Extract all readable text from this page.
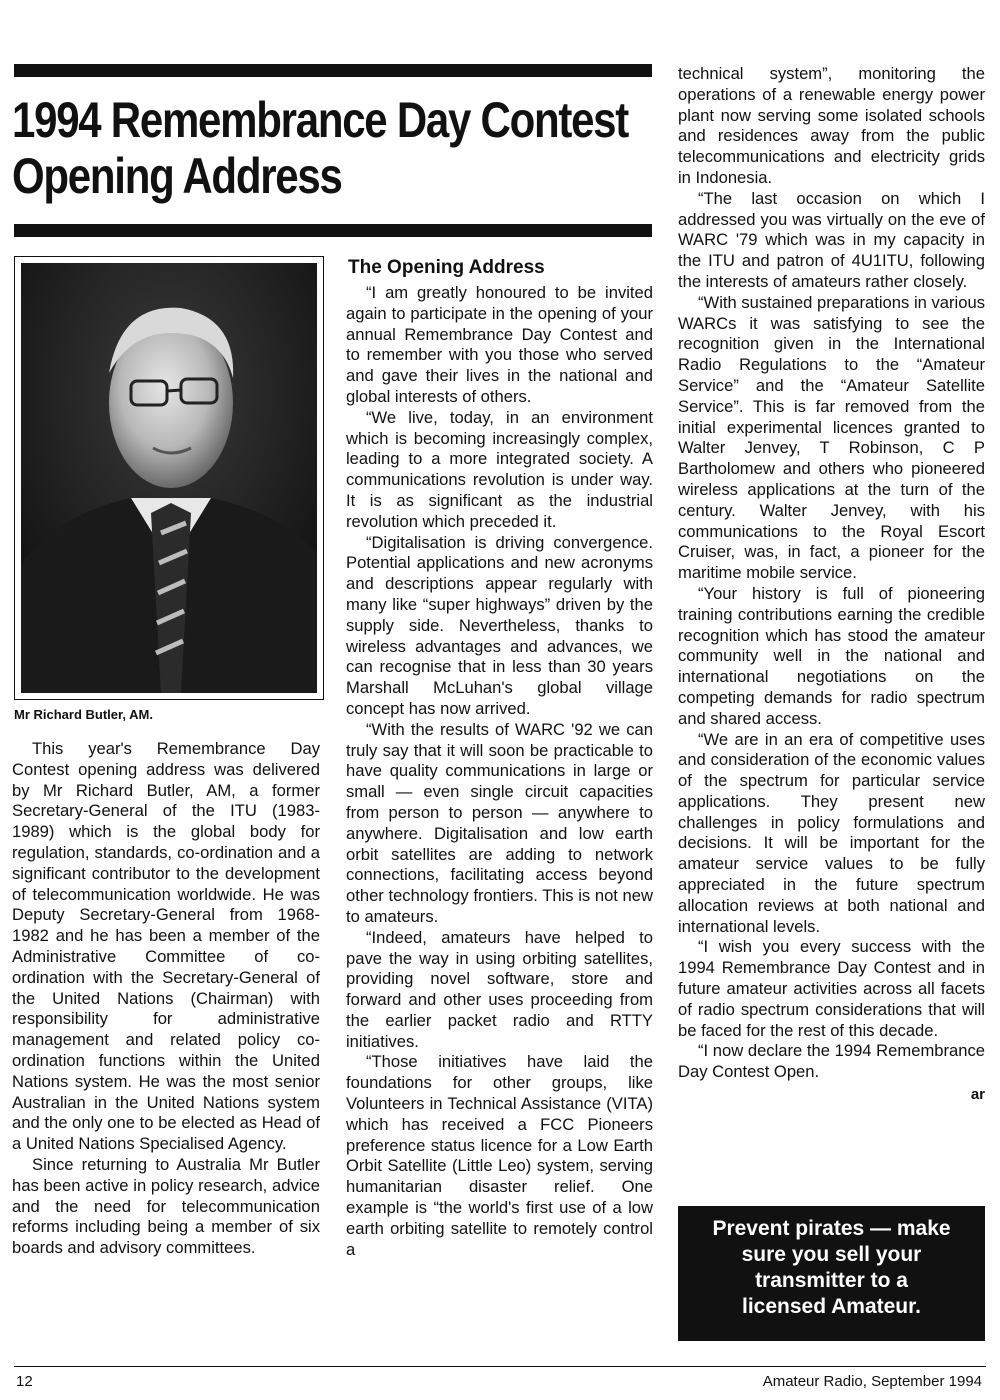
1994 Remembrance Day Contest
Opening Address

Mr Richard Butler, AM.

This year's Remembrance Day Contest opening address was delivered by Mr Richard Butler, AM, a former Secretary-General of the ITU (1983-1989) which is the global body for regulation, standards, co-ordination and a significant contributor to the development of telecommunication worldwide. He was Deputy Secretary-General from 1968-1982 and he has been a member of the Administrative Committee of co-ordination with the Secretary-General of the United Nations (Chairman) with responsibility for administrative management and related policy co-ordination functions within the United Nations system. He was the most senior Australian in the United Nations system and the only one to be elected as Head of a United Nations Specialised Agency.

Since returning to Australia Mr Butler has been active in policy research, advice and the need for telecommunication reforms including being a member of six boards and advisory committees.

The Opening Address

“I am greatly honoured to be invited again to participate in the opening of your annual Remembrance Day Contest and to remember with you those who served and gave their lives in the national and global interests of others.

“We live, today, in an environment which is becoming increasingly complex, leading to a more integrated society. A communications revolution is under way. It is as significant as the industrial revolution which preceded it.

“Digitalisation is driving convergence. Potential applications and new acronyms and descriptions appear regularly with many like “super highways” driven by the supply side. Nevertheless, thanks to wireless advantages and advances, we can recognise that in less than 30 years Marshall McLuhan's global village concept has now arrived.

“With the results of WARC '92 we can truly say that it will soon be practicable to have quality communications in large or small — even single circuit capacities from person to person — anywhere to anywhere. Digitalisation and low earth orbit satellites are adding to network connections, facilitating access beyond other technology frontiers. This is not new to amateurs.

“Indeed, amateurs have helped to pave the way in using orbiting satellites, providing novel software, store and forward and other uses proceeding from the earlier packet radio and RTTY initiatives.

“Those initiatives have laid the foundations for other groups, like Volunteers in Technical Assistance (VITA) which has received a FCC Pioneers preference status licence for a Low Earth Orbit Satellite (Little Leo) system, serving humanitarian disaster relief. One example is “the world's first use of a low earth orbiting satellite to remotely control a

technical system”, monitoring the operations of a renewable energy power plant now serving some isolated schools and residences away from the public telecommunications and electricity grids in Indonesia.

“The last occasion on which I addressed you was virtually on the eve of WARC '79 which was in my capacity in the ITU and patron of 4U1ITU, following the interests of amateurs rather closely.

“With sustained preparations in various WARCs it was satisfying to see the recognition given in the International Radio Regulations to the “Amateur Service” and the “Amateur Satellite Service”. This is far removed from the initial experimental licences granted to Walter Jenvey, T Robinson, C P Bartholomew and others who pioneered wireless applications at the turn of the century. Walter Jenvey, with his communications to the Royal Escort Cruiser, was, in fact, a pioneer for the maritime mobile service.

“Your history is full of pioneering training contributions earning the credible recognition which has stood the amateur community well in the national and international negotiations on the competing demands for radio spectrum and shared access.

“We are in an era of competitive uses and consideration of the economic values of the spectrum for particular service applications. They present new challenges in policy formulations and decisions. It will be important for the amateur service values to be fully appreciated in the future spectrum allocation reviews at both national and international levels.

“I wish you every success with the 1994 Remembrance Day Contest and in future amateur activities across all facets of radio spectrum considerations that will be faced for the rest of this decade.

“I now declare the 1994 Remembrance Day Contest Open.

ar
Prevent pirates — make
sure you sell your
transmitter to a
licensed Amateur.
12	Amateur Radio, September 1994
